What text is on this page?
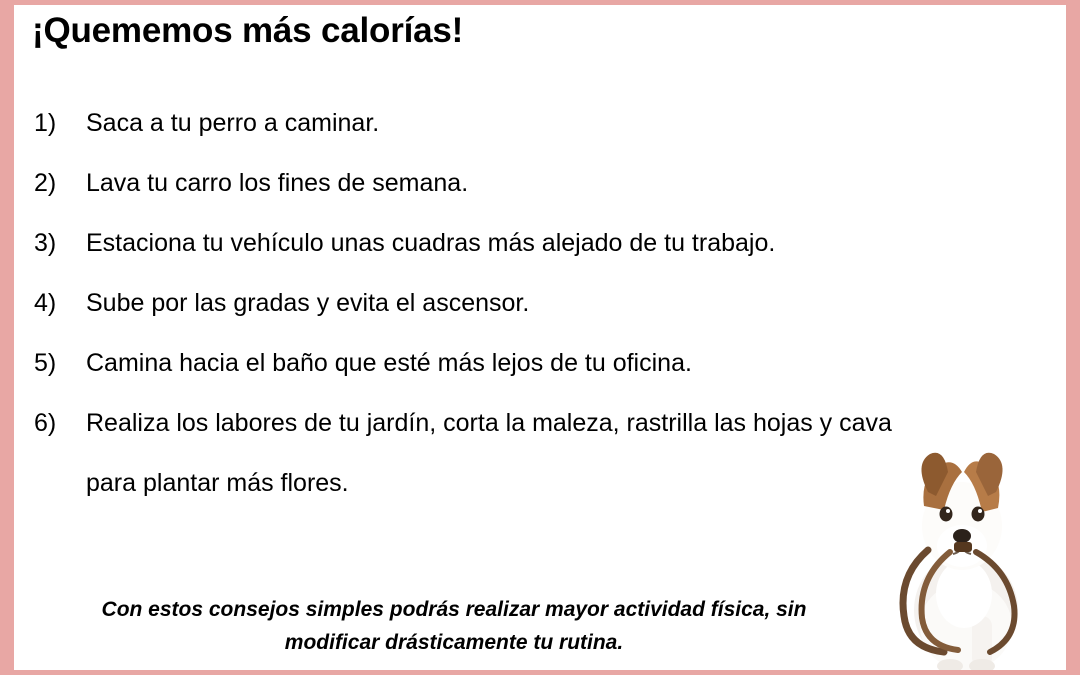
¡Quememos más calorías!
1)	Saca a tu perro a caminar.
2)	Lava tu carro los fines de semana.
3)	Estaciona tu vehículo unas cuadras más alejado de tu trabajo.
4)	Sube por las gradas y evita el ascensor.
5)	Camina hacia el baño que esté más lejos de tu oficina.
6)	Realiza los labores de tu jardín, corta la maleza, rastrilla las hojas y cava para plantar más flores.
Con estos consejos simples podrás realizar mayor actividad física, sin modificar drásticamente tu rutina.
